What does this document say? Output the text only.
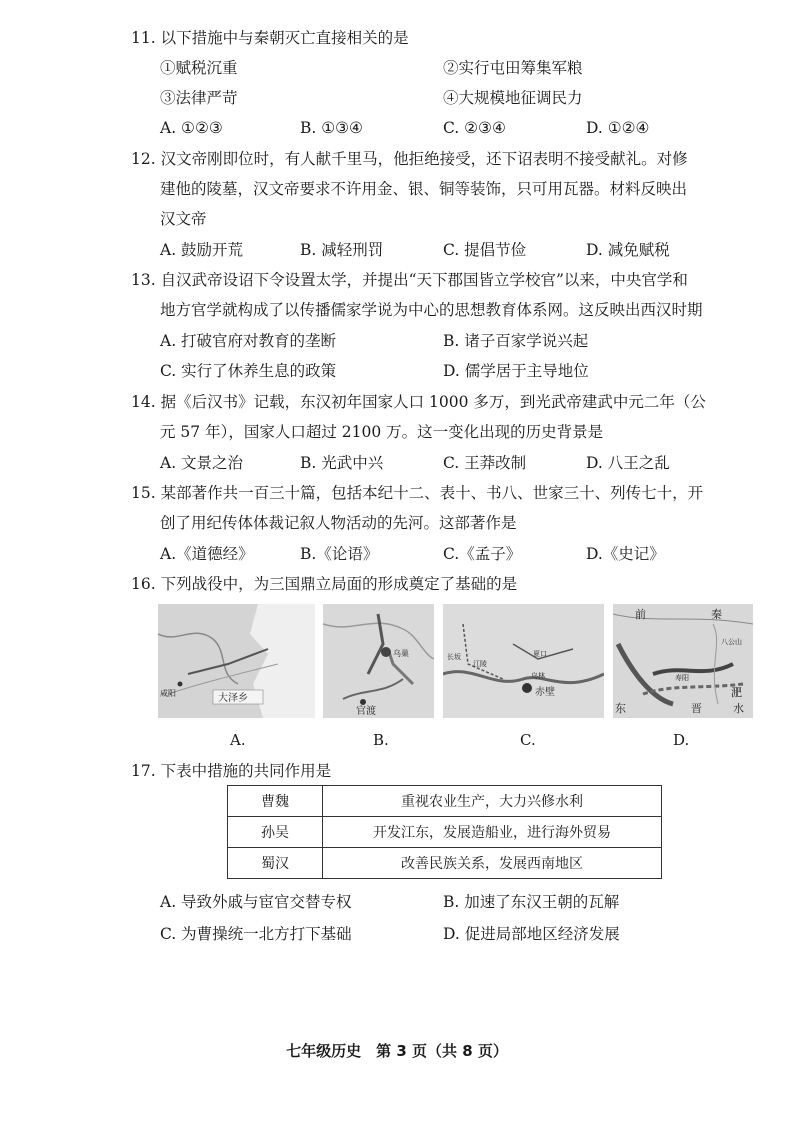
11. 以下措施中与秦朝灭亡直接相关的是
①赋税沉重	②实行屯田筹集军粮
③法律严苛	④大规模地征调民力
A. ①②③	B. ①③④	C. ②③④	D. ①②④
12. 汉文帝刚即位时，有人献千里马，他拒绝接受，还下诏表明不接受献礼。对修
建他的陵墓，汉文帝要求不许用金、银、铜等装饰，只可用瓦器。材料反映出
汉文帝
A. 鼓励开荒	B. 减轻刑罚	C. 提倡节俭	D. 减免赋税
13. 自汉武帝设诏下令设置太学，并提出“天下郡国皆立学校官”以来，中央官学和
地方官学就构成了以传播儒家学说为中心的思想教育体系网。这反映出西汉时期
A. 打破官府对教育的垄断	B. 诸子百家学说兴起
C. 实行了休养生息的政策	D. 儒学居于主导地位
14. 据《后汉书》记载，东汉初年国家人口 1000 多万，到光武帝建武中元二年（公
元 57 年），国家人口超过 2100 万。这一变化出现的历史背景是
A. 文景之治	B. 光武中兴	C. 王莽改制	D. 八王之乱
15. 某部著作共一百三十篇，包括本纪十二、表十、书八、世家三十、列传七十，开
创了用纪传体体裁记叙人物活动的先河。这部著作是
A.《道德经》	B.《论语》	C.《孟子》	D.《史记》
16. 下列战役中，为三国鼎立局面的形成奠定了基础的是
咸阳	大泽乡
乌巢
官渡
长坂
江陵
夏口
乌林
赤壁
前	秦
八公山
寿阳
淝
水
东	晋
A.	B.	C.	D.
17. 下表中措施的共同作用是
曹魏	重视农业生产，大力兴修水利
孙吴	开发江东，发展造船业，进行海外贸易
蜀汉	改善民族关系，发展西南地区
A. 导致外戚与宦官交替专权	B. 加速了东汉王朝的瓦解
C. 为曹操统一北方打下基础	D. 促进局部地区经济发展
七年级历史　第 3 页（共 8 页）
